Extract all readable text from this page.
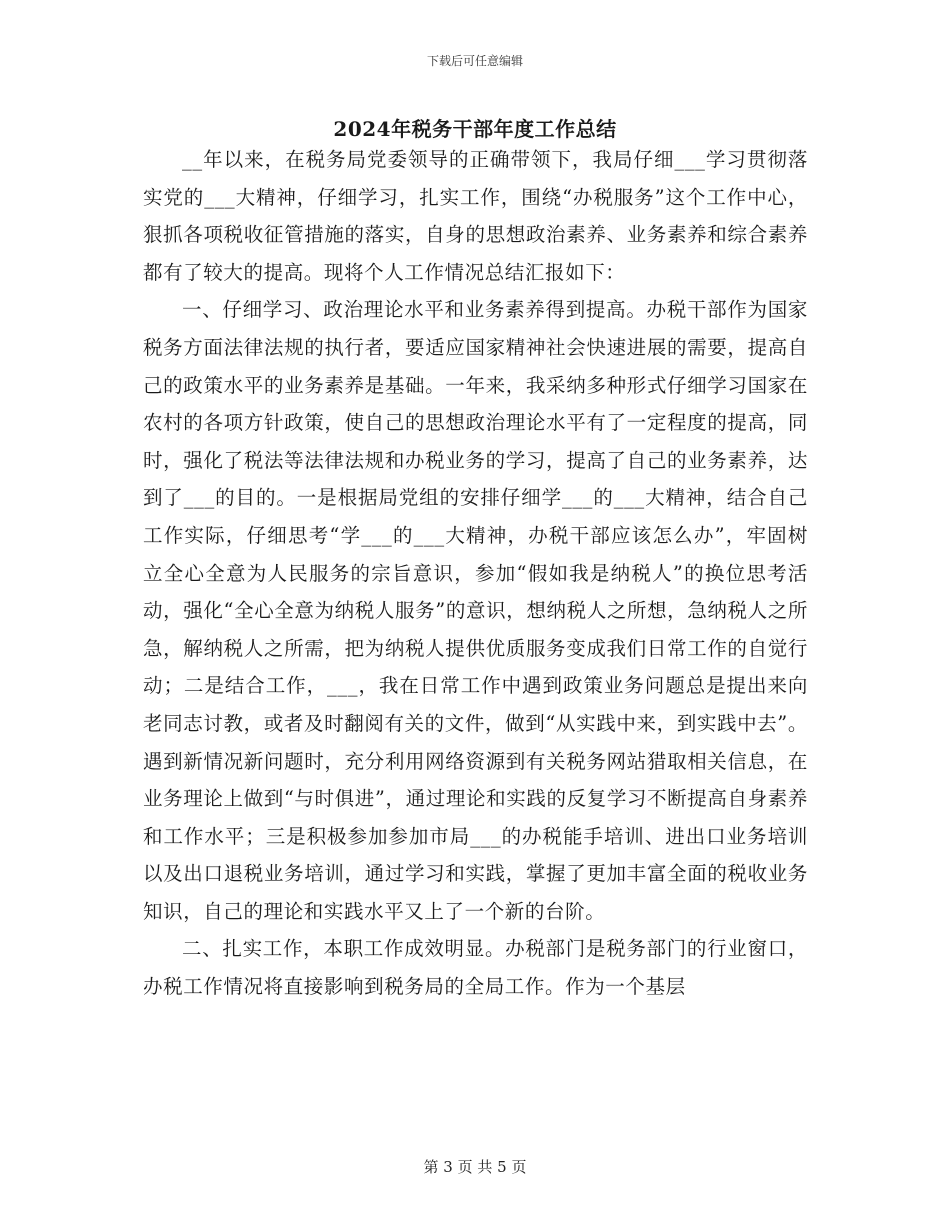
下载后可任意编辑
2024年税务干部年度工作总结

__年以来，在税务局党委领导的正确带领下，我局仔细___学习贯彻落实党的___大精神，仔细学习，扎实工作，围绕“办税服务”这个工作中心，狠抓各项税收征管措施的落实，自身的思想政治素养、业务素养和综合素养都有了较大的提高。现将个人工作情况总结汇报如下：

一、仔细学习、政治理论水平和业务素养得到提高。办税干部作为国家税务方面法律法规的执行者，要适应国家精神社会快速进展的需要，提高自己的政策水平的业务素养是基础。一年来，我采纳多种形式仔细学习国家在农村的各项方针政策，使自己的思想政治理论水平有了一定程度的提高，同时，强化了税法等法律法规和办税业务的学习，提高了自己的业务素养，达到了___的目的。一是根据局党组的安排仔细学___的___大精神，结合自己工作实际，仔细思考“学___的___大精神，办税干部应该怎么办”，牢固树立全心全意为人民服务的宗旨意识，参加“假如我是纳税人”的换位思考活动，强化“全心全意为纳税人服务”的意识，想纳税人之所想，急纳税人之所急，解纳税人之所需，把为纳税人提供优质服务变成我们日常工作的自觉行动；二是结合工作，___，我在日常工作中遇到政策业务问题总是提出来向老同志讨教，或者及时翻阅有关的文件，做到“从实践中来，到实践中去”。遇到新情况新问题时，充分利用网络资源到有关税务网站猎取相关信息，在业务理论上做到“与时俱进”，通过理论和实践的反复学习不断提高自身素养和工作水平；三是积极参加参加市局___的办税能手培训、进出口业务培训以及出口退税业务培训，通过学习和实践，掌握了更加丰富全面的税收业务知识，自己的理论和实践水平又上了一个新的台阶。

二、扎实工作，本职工作成效明显。办税部门是税务部门的行业窗口，办税工作情况将直接影响到税务局的全局工作。作为一个基层

第 3 页 共 5 页
